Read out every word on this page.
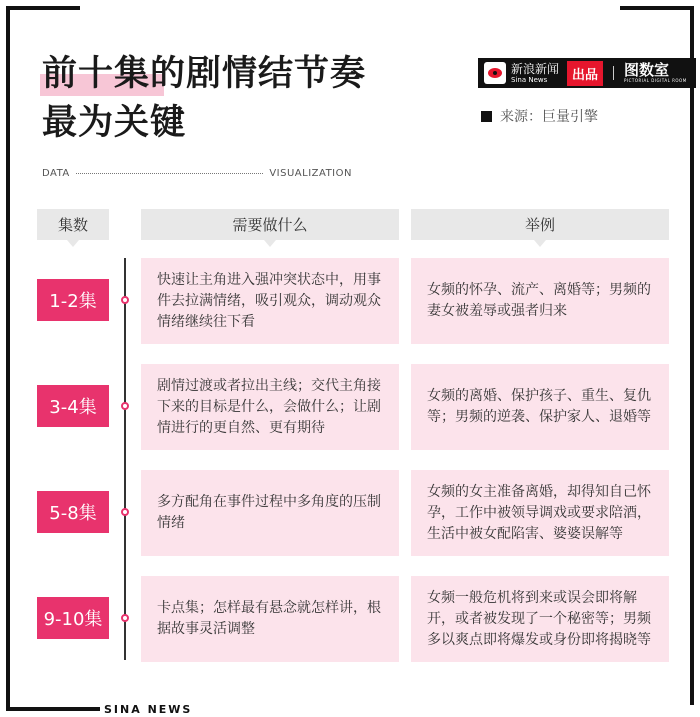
前十集的剧情结节奏
最为关键
新浪新闻
Sina News	出品	图数室
PICTORIAL DIGITAL ROOM
来源：巨量引擎
DATA	VISUALIZATION
集数	需要做什么	举例
1-2集
快速让主角进入强冲突状态中，用事件去拉满情绪，吸引观众，调动观众情绪继续往下看
女频的怀孕、流产、离婚等；男频的妻女被羞辱或强者归来
3-4集
剧情过渡或者拉出主线；交代主角接下来的目标是什么，会做什么；让剧情进行的更自然、更有期待
女频的离婚、保护孩子、重生、复仇等；男频的逆袭、保护家人、退婚等
5-8集
多方配角在事件过程中多角度的压制情绪
女频的女主准备离婚，却得知自己怀孕，工作中被领导调戏或要求陪酒，生活中被女配陷害、婆婆误解等
9-10集
卡点集；怎样最有悬念就怎样讲，根据故事灵活调整
女频一般危机将到来或误会即将解开，或者被发现了一个秘密等；男频多以爽点即将爆发或身份即将揭晓等
SINA NEWS
